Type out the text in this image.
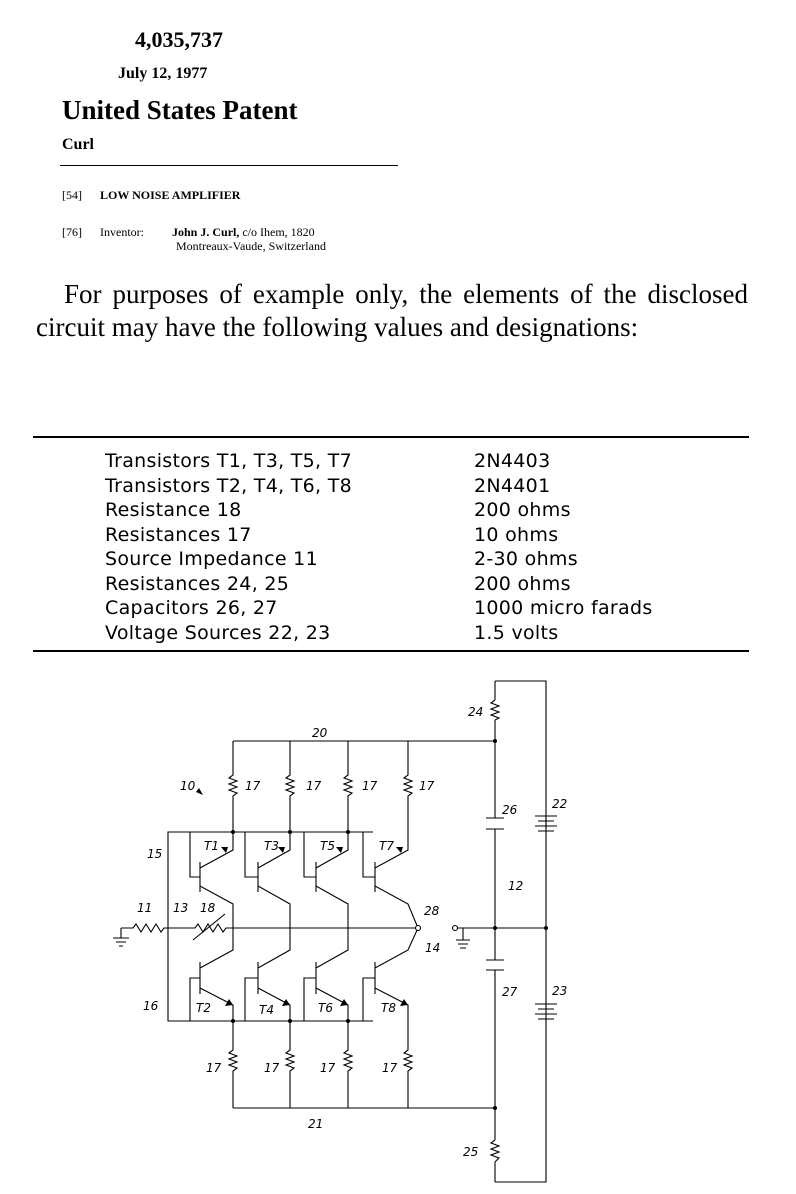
4,035,737
July 12, 1977
United States Patent
Curl
[54] LOW NOISE AMPLIFIER
[76] Inventor: John J. Curl, c/o Ihem, 1820
Montreaux-Vaude, Switzerland
For purposes of example only, the elements of the disclosed circuit may have the following values and designations:
Transistors T1, T3, T5, T7	2N4403
Transistors T2, T4, T6, T8	2N4401
Resistance 18	200 ohms
Resistances 17	10 ohms
Source Impedance 11	2-30 ohms
Resistances 24, 25	200 ohms
Capacitors 26, 27	1000 micro farads
Voltage Sources 22, 23	1.5 volts
10
11
12
13
14
15
16
17	17	17	17
17	17	17	17
18
20
21
22
23
24
25
26
27
28
T1
T2
T3
T4
T5
T6
T7
T8
